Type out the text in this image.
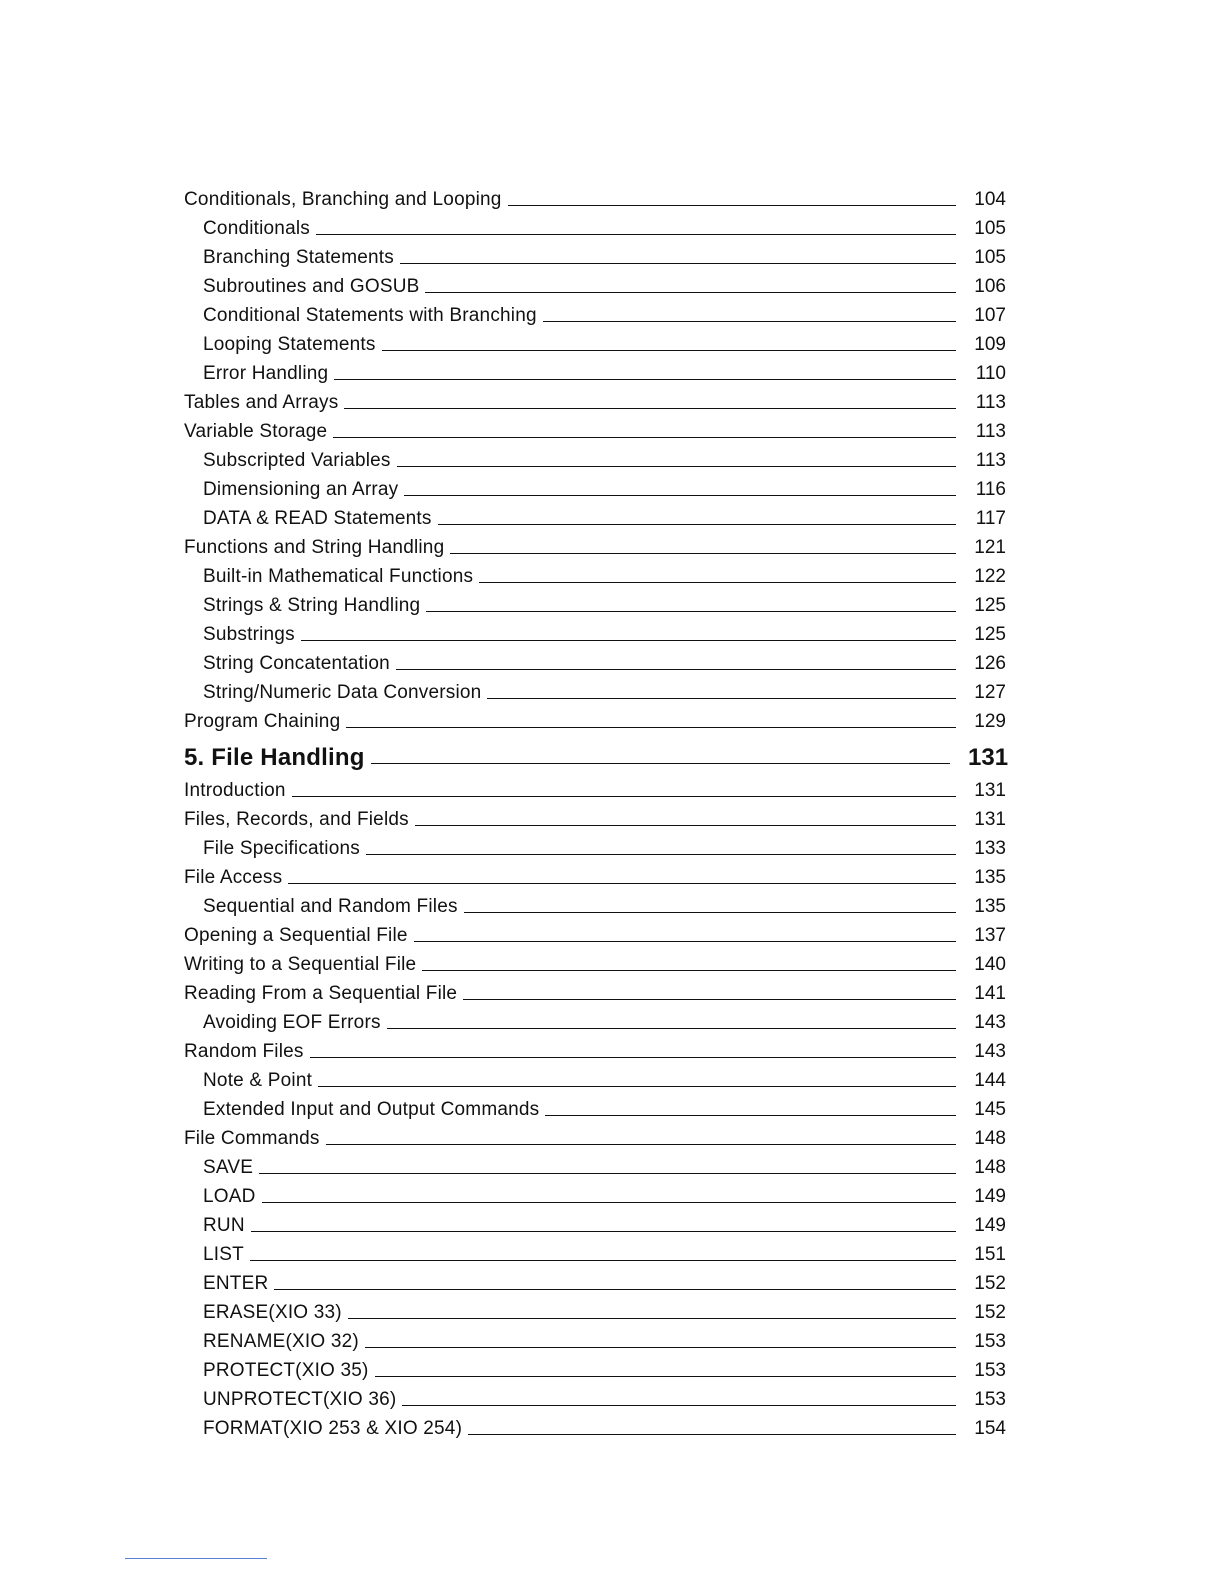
Conditionals, Branching and Looping	104
Conditionals	105
Branching Statements	105
Subroutines and GOSUB	106
Conditional Statements with Branching	107
Looping Statements	109
Error Handling	110
Tables and Arrays	113
Variable Storage	113
Subscripted Variables	113
Dimensioning an Array	116
DATA & READ Statements	117
Functions and String Handling	121
Built-in Mathematical Functions	122
Strings & String Handling	125
Substrings	125
String Concatentation	126
String/Numeric Data Conversion	127
Program Chaining	129
5. File Handling	131
Introduction	131
Files, Records, and Fields	131
File Specifications	133
File Access	135
Sequential and Random Files	135
Opening a Sequential File	137
Writing to a Sequential File	140
Reading From a Sequential File	141
Avoiding EOF Errors	143
Random Files	143
Note & Point	144
Extended Input and Output Commands	145
File Commands	148
SAVE	148
LOAD	149
RUN	149
LIST	151
ENTER	152
ERASE(XIO 33)	152
RENAME(XIO 32)	153
PROTECT(XIO 35)	153
UNPROTECT(XIO 36)	153
FORMAT(XIO 253 & XIO 254)	154
